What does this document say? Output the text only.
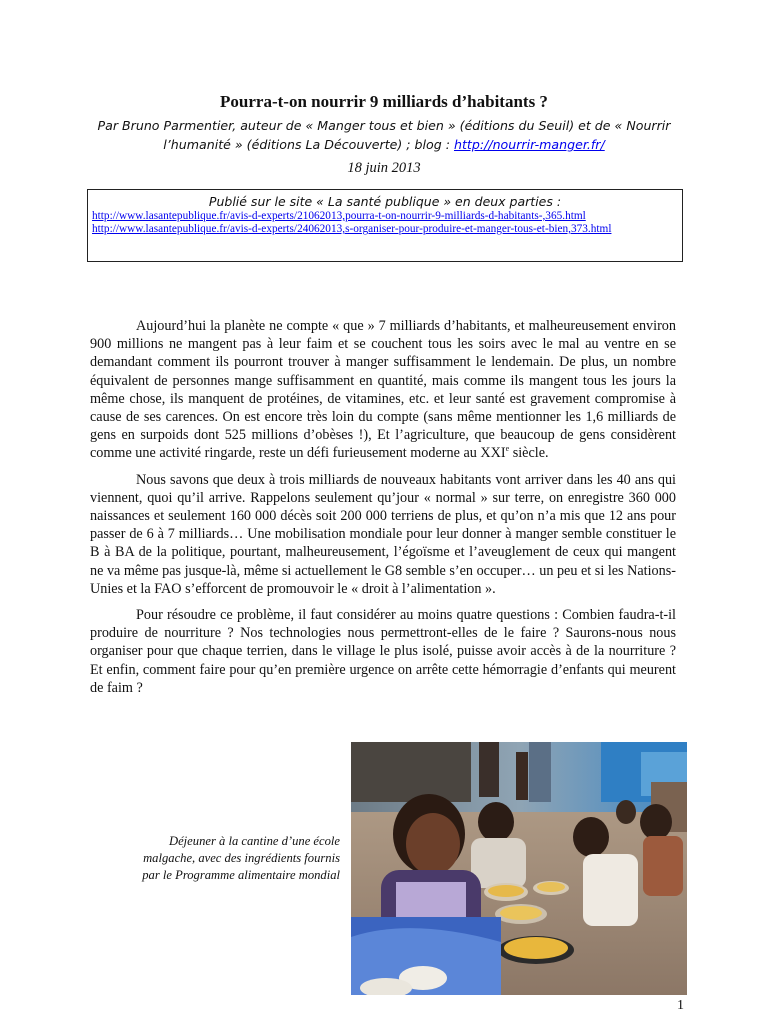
Pourra-t-on nourrir 9 milliards d’habitants ?
Par Bruno Parmentier, auteur de « Manger tous et bien » (éditions du Seuil) et de « Nourrir l’humanité » (éditions La Découverte) ; blog : http://nourrir-manger.fr/
18 juin 2013
Publié sur le site « La santé publique » en deux parties :
http://www.lasantepublique.fr/avis-d-experts/21062013,pourra-t-on-nourrir-9-milliards-d-habitants-,365.html
http://www.lasantepublique.fr/avis-d-experts/24062013,s-organiser-pour-produire-et-manger-tous-et-bien,373.html

Aujourd’hui la planète ne compte « que » 7 milliards d’habitants, et malheureusement environ 900 millions ne mangent pas à leur faim et se couchent tous les soirs avec le mal au ventre en se demandant comment ils pourront trouver à manger suffisamment le lendemain. De plus, un nombre équivalent de personnes mange suffisamment en quantité, mais comme ils mangent tous les jours la même chose, ils manquent de protéines, de vitamines, etc. et leur santé est gravement compromise à cause de ses carences. On est encore très loin du compte (sans même mentionner les 1,6 milliards de gens en surpoids dont 525 millions d’obèses !), Et l’agriculture, que beaucoup de gens considèrent comme une activité ringarde, reste un défi furieusement moderne au XXIe siècle.

Nous savons que deux à trois milliards de nouveaux habitants vont arriver dans les 40 ans qui viennent, quoi qu’il arrive. Rappelons seulement qu’jour « normal » sur terre, on enregistre 360 000 naissances et seulement 160 000 décès soit 200 000 terriens de plus, et qu’on n’a mis que 12 ans pour passer de 6 à 7 milliards… Une mobilisation mondiale pour leur donner à manger semble constituer le B à BA de la politique, pourtant, malheureusement, l’égoïsme et l’aveuglement de ceux qui mangent ne va même pas jusque-là, même si actuellement le G8 semble s’en occuper… un peu et si les Nations-Unies et la FAO s’efforcent de promouvoir le « droit à l’alimentation ».

Pour résoudre ce problème, il faut considérer au moins quatre questions : Combien faudra-t-il produire de nourriture ? Nos technologies nous permettront-elles de le faire ? Saurons-nous nous organiser pour que chaque terrien, dans le village le plus isolé, puisse avoir accès à de la nourriture ? Et enfin, comment faire pour qu’en première urgence on arrête cette hémorragie d’enfants qui meurent de faim ?

Déjeuner à la cantine d’une école malgache, avec des ingrédients fournis par le Programme alimentaire mondial
1
